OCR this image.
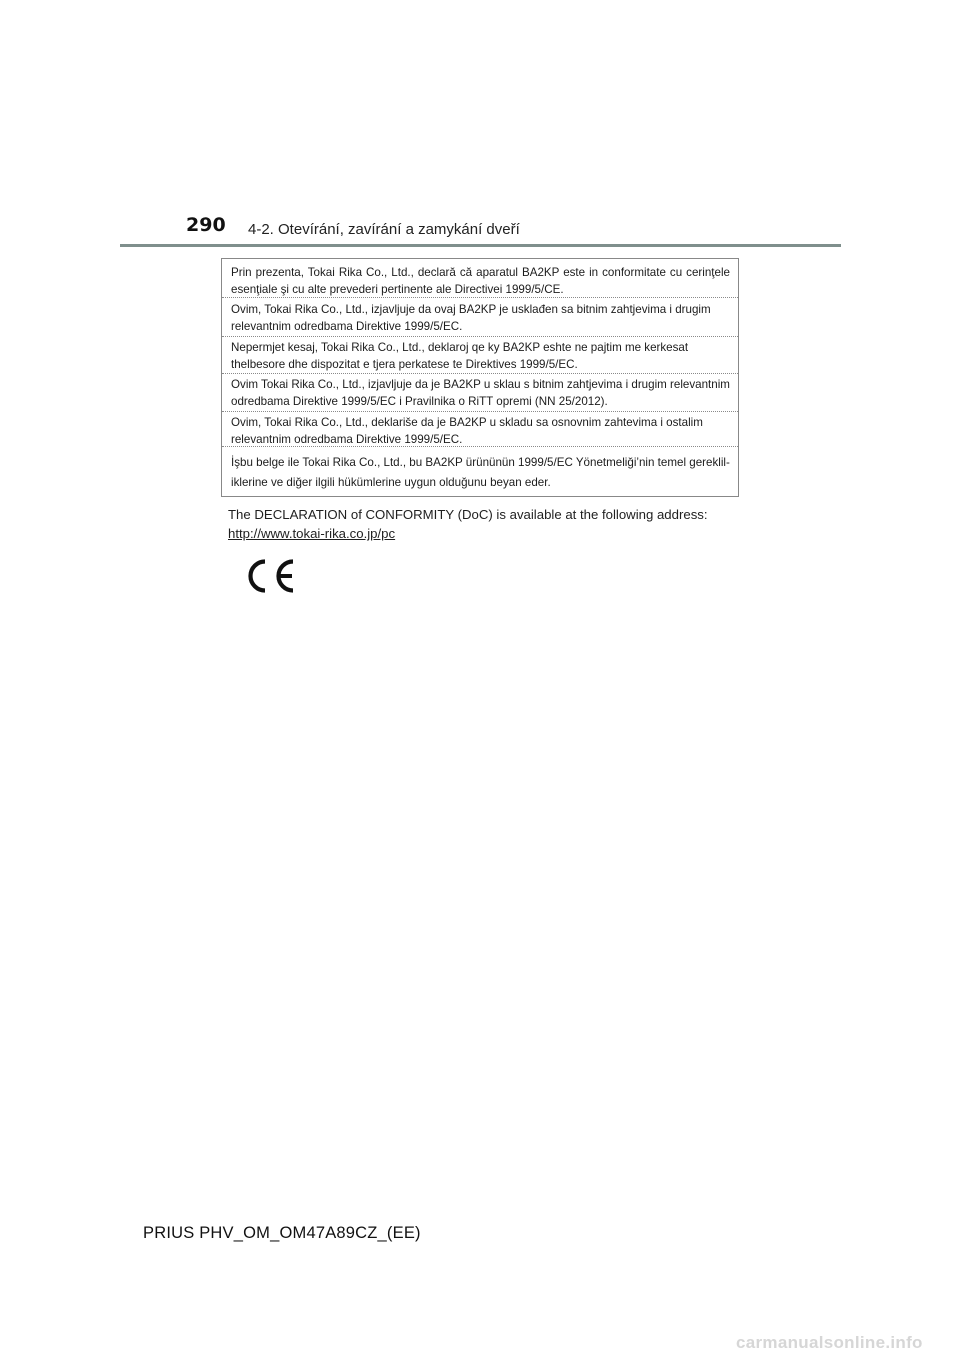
290 4-2. Otevírání, zavírání a zamykání dveří
Prin prezenta, Tokai Rika Co., Ltd., declară că aparatul BA2KP este in conformitate cu cerinţele esenţiale şi cu alte prevederi pertinente ale Directivei 1999/5/CE.
Ovim, Tokai Rika Co., Ltd., izjavljuje da ovaj BA2KP je usklađen sa bitnim zahtjevima i drugim relevantnim odredbama Direktive 1999/5/EC.
Nepermjet kesaj, Tokai Rika Co., Ltd., deklaroj qe ky BA2KP eshte ne pajtim me kerkesat thelbesore dhe dispozitat e tjera perkatese te Direktives 1999/5/EC.
Ovim Tokai Rika Co., Ltd., izjavljuje da je BA2KP u sklau s bitnim zahtjevima i drugim relevantnim odredbama Direktive 1999/5/EC i Pravilnika o RiTT opremi (NN 25/2012).
Ovim, Tokai Rika Co., Ltd., deklariše da je BA2KP u skladu sa osnovnim zahtevima i ostalim relevantnim odredbama Direktive 1999/5/EC.
İşbu belge ile Tokai Rika Co., Ltd., bu BA2KP ürününün 1999/5/EC Yönetmeliği’nin temel gerekliliklerine ve diğer ilgili hükümlerine uygun olduğunu beyan eder.
The DECLARATION of CONFORMITY (DoC) is available at the following address:
http://www.tokai-rika.co.jp/pc
PRIUS PHV_OM_OM47A89CZ_(EE)
carmanualsonline.info
